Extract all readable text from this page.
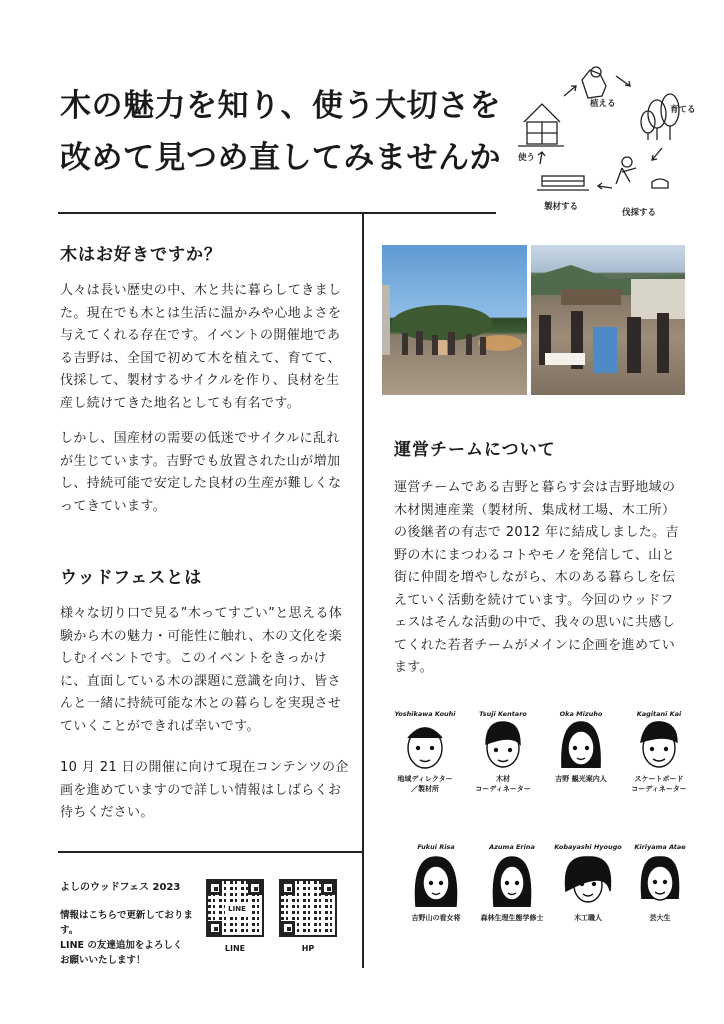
木の魅力を知り、使う大切さを
改めて見つめ直してみませんか
植える
育てる
伐採する
製材する
使う
木はお好きですか？
人々は長い歴史の中、木と共に暮らしてきました。現在でも木とは生活に温かみや心地よさを与えてくれる存在です。イベントの開催地である吉野は、全国で初めて木を植えて、育てて、伐採して、製材するサイクルを作り、良材を生産し続けてきた地名としても有名です。
しかし、国産材の需要の低迷でサイクルに乱れが生じています。吉野でも放置された山が増加し、持続可能で安定した良材の生産が難しくなってきています。
ウッドフェスとは
様々な切り口で見る”木ってすごい”と思える体験から木の魅力・可能性に触れ、木の文化を楽しむイベントです。このイベントをきっかけに、直面している木の課題に意識を向け、皆さんと一緒に持続可能な木との暮らしを実現させていくことができれば幸いです。
10 月 21 日の開催に向けて現在コンテンツの企画を進めていますので詳しい情報はしばらくお待ちください。
運営チームについて
運営チームである吉野と暮らす会は吉野地域の木材関連産業（製材所、集成材工場、木工所）の後継者の有志で 2012 年に結成しました。吉野の木にまつわるコトやモノを発信して、山と街に仲間を増やしながら、木のある暮らしを伝えていく活動を続けています。今回のウッドフェスはそんな活動の中で、我々の思いに共感してくれた若者チームがメインに企画を進めています。
Yoshikawa Kouhi
地域ディレクター
／製材所
Tsuji Kentaro
木材
コーディネーター
Oka Mizuho
吉野 観光案内人
Kagitani Kai
スケートボード
コーディネーター
Fukui Risa
吉野山の看女将
Azuma Erina
森林生理生態学修士
Kobayashi Hyougo
木工職人
Kiriyama Atae
芸大生
よしのウッドフェス 2023
情報はこちらで更新しております。
LINE の友達追加をよろしく
お願いいたします！
LINE
LINE	HP
